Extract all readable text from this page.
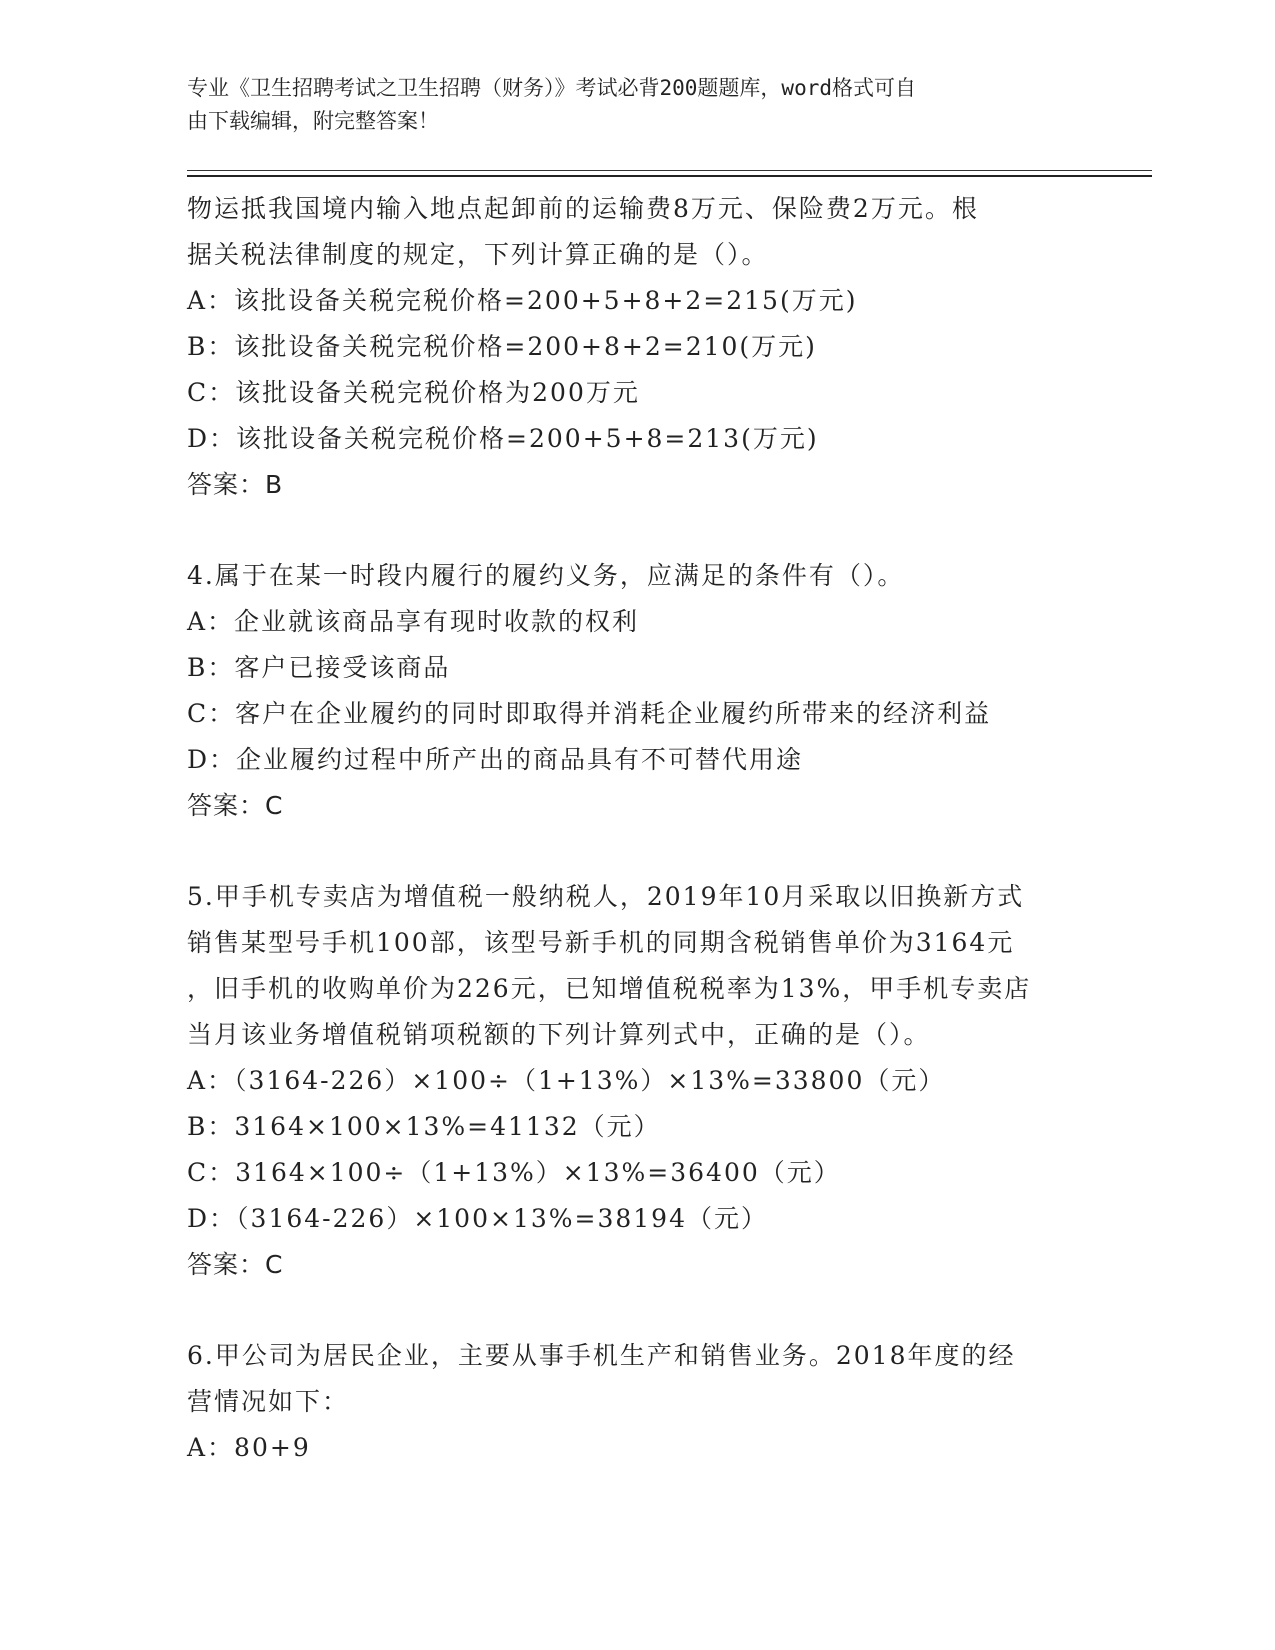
专业《卫生招聘考试之卫生招聘（财务）》考试必背200题题库，word格式可自
由下载编辑，附完整答案！
物运抵我国境内输入地点起卸前的运输费8万元、保险费2万元。根
据关税法律制度的规定，下列计算正确的是（）。
A：该批设备关税完税价格=200+5+8+2=215(万元)
B：该批设备关税完税价格=200+8+2=210(万元)
C：该批设备关税完税价格为200万元
D：该批设备关税完税价格=200+5+8=213(万元)
答案：B
4.属于在某一时段内履行的履约义务，应满足的条件有（）。
A：企业就该商品享有现时收款的权利
B：客户已接受该商品
C：客户在企业履约的同时即取得并消耗企业履约所带来的经济利益
D：企业履约过程中所产出的商品具有不可替代用途
答案：C
5.甲手机专卖店为增值税一般纳税人，2019年10月采取以旧换新方式
销售某型号手机100部，该型号新手机的同期含税销售单价为3164元
，旧手机的收购单价为226元，已知增值税税率为13%，甲手机专卖店
当月该业务增值税销项税额的下列计算列式中，正确的是（）。
A：（3164-226）×100÷（1+13%）×13%=33800（元）
B：3164×100×13%=41132（元）
C：3164×100÷（1+13%）×13%=36400（元）
D：（3164-226）×100×13%=38194（元）
答案：C
6.甲公司为居民企业，主要从事手机生产和销售业务。2018年度的经
营情况如下：
A：80+9
